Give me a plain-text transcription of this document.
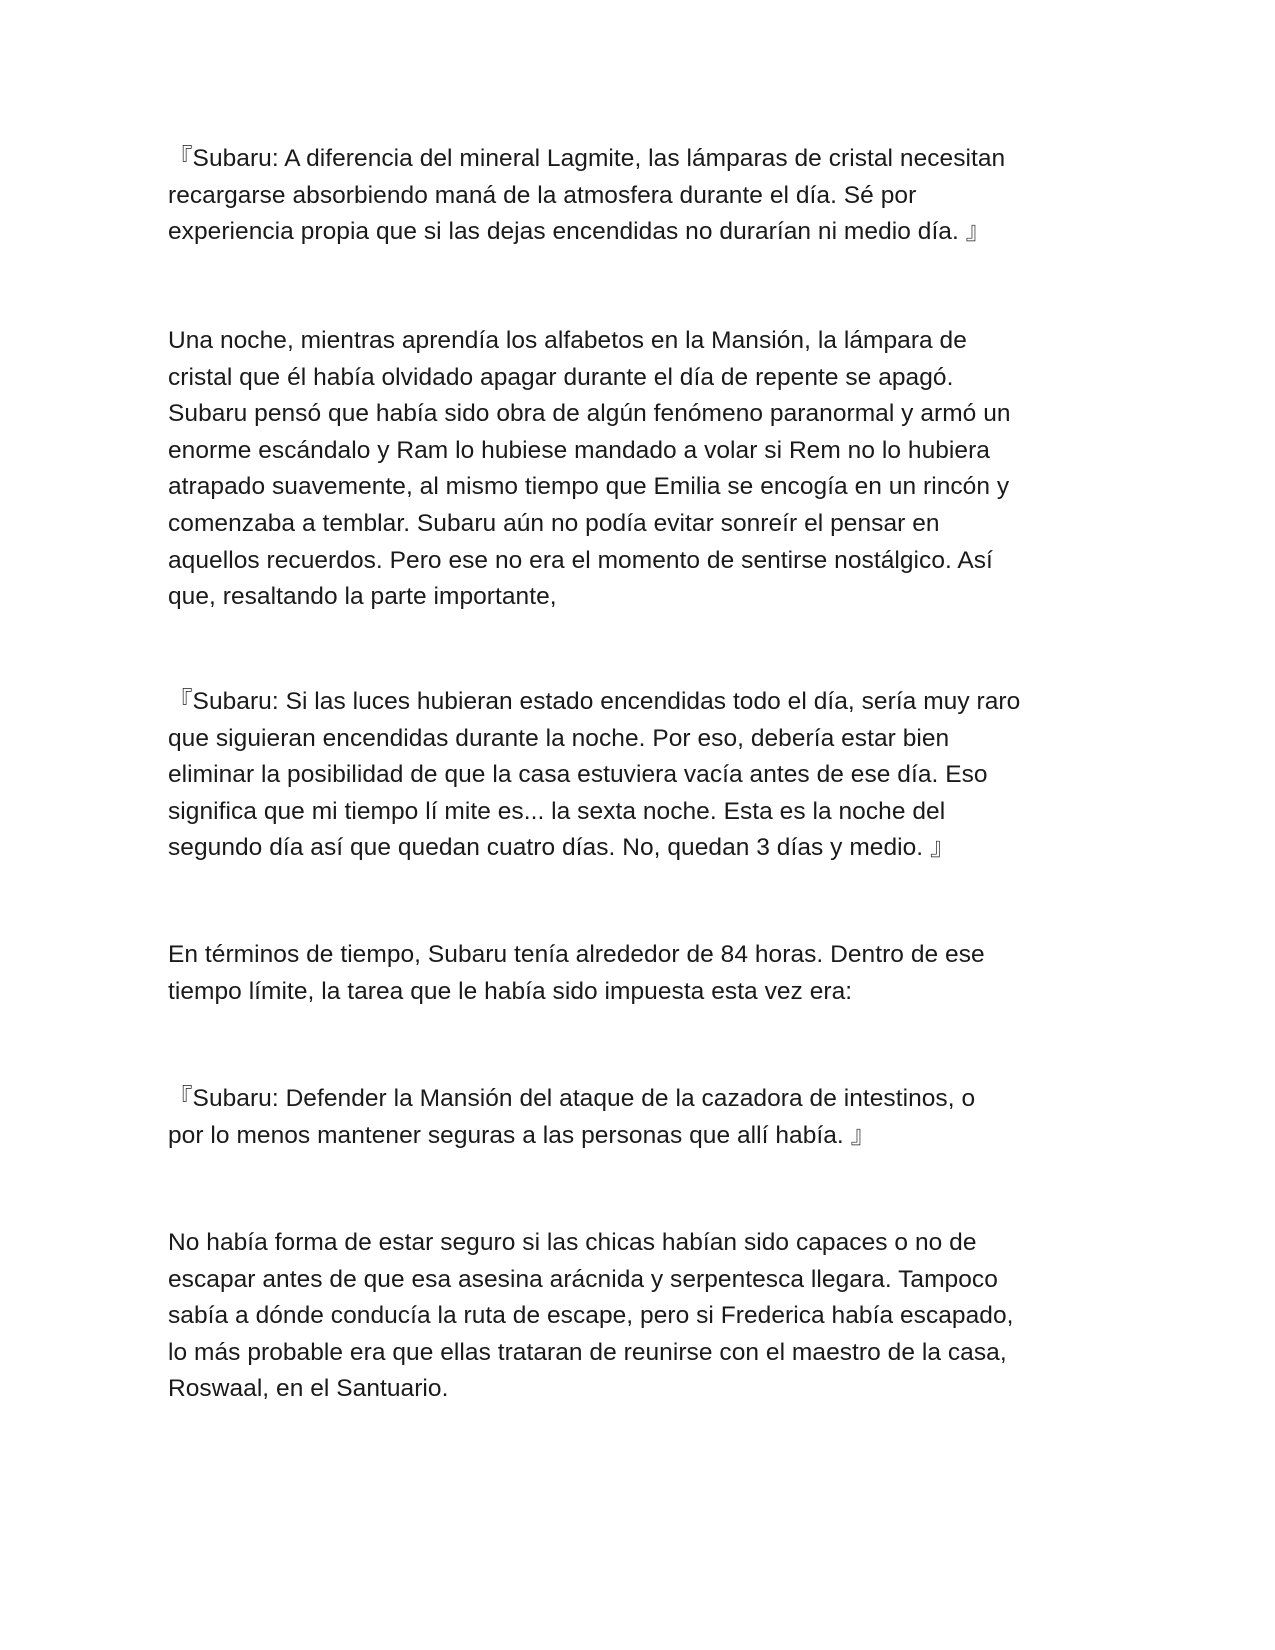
『Subaru: A diferencia del mineral Lagmite, las lámparas de cristal necesitan
recargarse absorbiendo maná de la atmosfera durante el día. Sé por
experiencia propia que si las dejas encendidas no durarían ni medio día. 』

Una noche, mientras aprendía los alfabetos en la Mansión, la lámpara de
cristal que él había olvidado apagar durante el día de repente se apagó.
Subaru pensó que había sido obra de algún fenómeno paranormal y armó un
enorme escándalo y Ram lo hubiese mandado a volar si Rem no lo hubiera
atrapado suavemente, al mismo tiempo que Emilia se encogía en un rincón y
comenzaba a temblar. Subaru aún no podía evitar sonreír el pensar en
aquellos recuerdos. Pero ese no era el momento de sentirse nostálgico. Así
que, resaltando la parte importante,

『Subaru: Si las luces hubieran estado encendidas todo el día, sería muy raro
que siguieran encendidas durante la noche. Por eso, debería estar bien
eliminar la posibilidad de que la casa estuviera vacía antes de ese día. Eso
significa que mi tiempo lí mite es... la sexta noche. Esta es la noche del
segundo día así que quedan cuatro días. No, quedan 3 días y medio. 』

En términos de tiempo, Subaru tenía alrededor de 84 horas. Dentro de ese
tiempo límite, la tarea que le había sido impuesta esta vez era:

『Subaru: Defender la Mansión del ataque de la cazadora de intestinos, o
por lo menos mantener seguras a las personas que allí había. 』

No había forma de estar seguro si las chicas habían sido capaces o no de
escapar antes de que esa asesina arácnida y serpentesca llegara. Tampoco
sabía a dónde conducía la ruta de escape, pero si Frederica había escapado,
lo más probable era que ellas trataran de reunirse con el maestro de la casa,
Roswaal, en el Santuario.
